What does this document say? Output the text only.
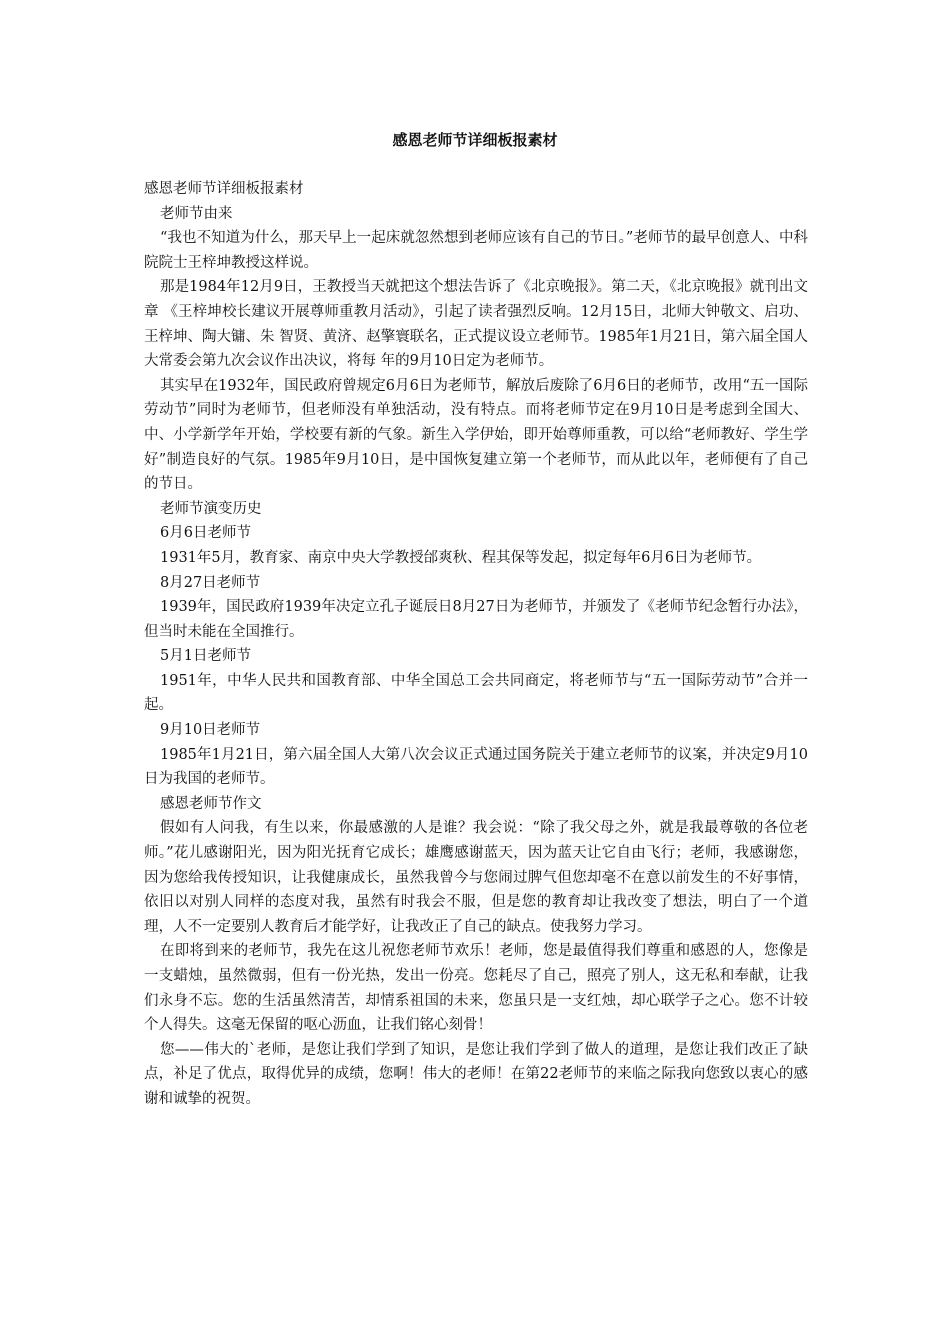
感恩老师节详细板报素材

感恩老师节详细板报素材

老师节由来

“我也不知道为什么，那天早上一起床就忽然想到老师应该有自己的节日。”老师节的最早创意人、中科院院士王梓坤教授这样说。

那是1984年12月9日，王教授当天就把这个想法告诉了《北京晚报》。第二天，《北京晚报》就刊出文章 《王梓坤校长建议开展尊师重教月活动》，引起了读者强烈反响。12月15日，北师大钟敬文、启功、王梓坤、陶大镛、朱 智贤、黄济、赵擎寰联名，正式提议设立老师节。1985年1月21日，第六届全国人大常委会第九次会议作出决议，将每 年的9月10日定为老师节。

其实早在1932年，国民政府曾规定6月6日为老师节，解放后废除了6月6日的老师节，改用“五一国际劳动节”同时为老师节，但老师没有单独活动，没有特点。而将老师节定在9月10日是考虑到全国大、中、小学新学年开始，学校要有新的气象。新生入学伊始，即开始尊师重教，可以给“老师教好、学生学好”制造良好的气氛。1985年9月10日，是中国恢复建立第一个老师节，而从此以年，老师便有了自己的节日。

老师节演变历史

6月6日老师节

1931年5月，教育家、南京中央大学教授邰爽秋、程其保等发起，拟定每年6月6日为老师节。

8月27日老师节

1939年，国民政府1939年决定立孔子诞辰日8月27日为老师节，并颁发了《老师节纪念暂行办法》，但当时未能在全国推行。

5月1日老师节

1951年，中华人民共和国教育部、中华全国总工会共同商定，将老师节与“五一国际劳动节”合并一起。

9月10日老师节

1985年1月21日，第六届全国人大第八次会议正式通过国务院关于建立老师节的议案，并决定9月10日为我国的老师节。

感恩老师节作文

假如有人问我，有生以来，你最感激的人是谁？我会说：“除了我父母之外，就是我最尊敬的各位老师。”花儿感谢阳光，因为阳光抚育它成长；雄鹰感谢蓝天，因为蓝天让它自由飞行；老师，我感谢您，因为您给我传授知识，让我健康成长，虽然我曾今与您闹过脾气但您却毫不在意以前发生的不好事情，依旧以对别人同样的态度对我，虽然有时我会不服，但是您的教育却让我改变了想法，明白了一个道理，人不一定要别人教育后才能学好，让我改正了自己的缺点。使我努力学习。

在即将到来的老师节，我先在这儿祝您老师节欢乐！老师，您是最值得我们尊重和感恩的人，您像是一支蜡烛，虽然微弱，但有一份光热，发出一份亮。您耗尽了自己，照亮了别人，这无私和奉献，让我们永身不忘。您的生活虽然清苦，却情系祖国的未来，您虽只是一支红烛，却心联学子之心。您不计较个人得失。这毫无保留的呕心沥血，让我们铭心刻骨！

您——伟大的`老师，是您让我们学到了知识，是您让我们学到了做人的道理，是您让我们改正了缺点，补足了优点，取得优异的成绩，您啊！伟大的老师！在第22老师节的来临之际我向您致以衷心的感谢和诚挚的祝贺。
